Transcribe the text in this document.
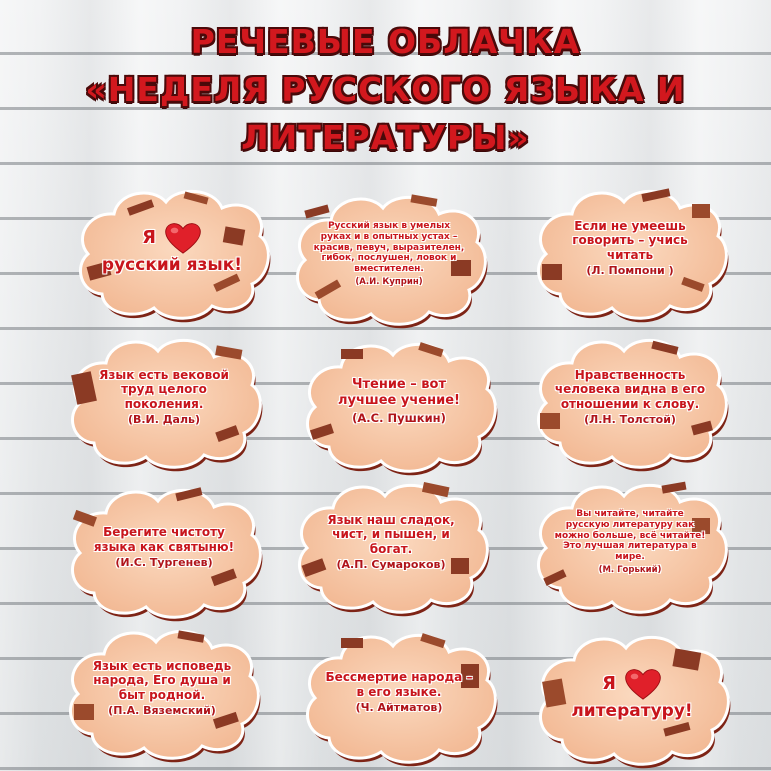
РЕЧЕВЫЕ ОБЛАЧКА
«НЕДЕЛЯ РУССКОГО ЯЗЫКА И
ЛИТЕРАТУРЫ»
Я
русский язык!
Русский язык в умелых руках и в опытных устах – красив, певуч, выразителен, гибок, послушен, ловок и вместителен.
(А.И. Куприн)
Если не умеешь говорить – учись читать
(Л. Помпони )
Язык есть вековой труд целого поколения.
(В.И. Даль)
Чтение – вот лучшее учение!
(А.С. Пушкин)
Нравственность человека видна в его отношении к слову.
(Л.Н. Толстой)
Берегите чистоту языка как святыню!
(И.С. Тургенев)
Язык наш сладок, чист, и пышен, и богат.
(А.П. Сумароков)
Вы читайте, читайте русскую литературу как можно больше, всё читайте! Это лучшая литература в мире.
(М. Горький)
Язык есть исповедь народа, Его душа и быт родной.
(П.А. Вяземский)
Бессмертие народа – в его языке.
(Ч. Айтматов)
Я
литературу!
